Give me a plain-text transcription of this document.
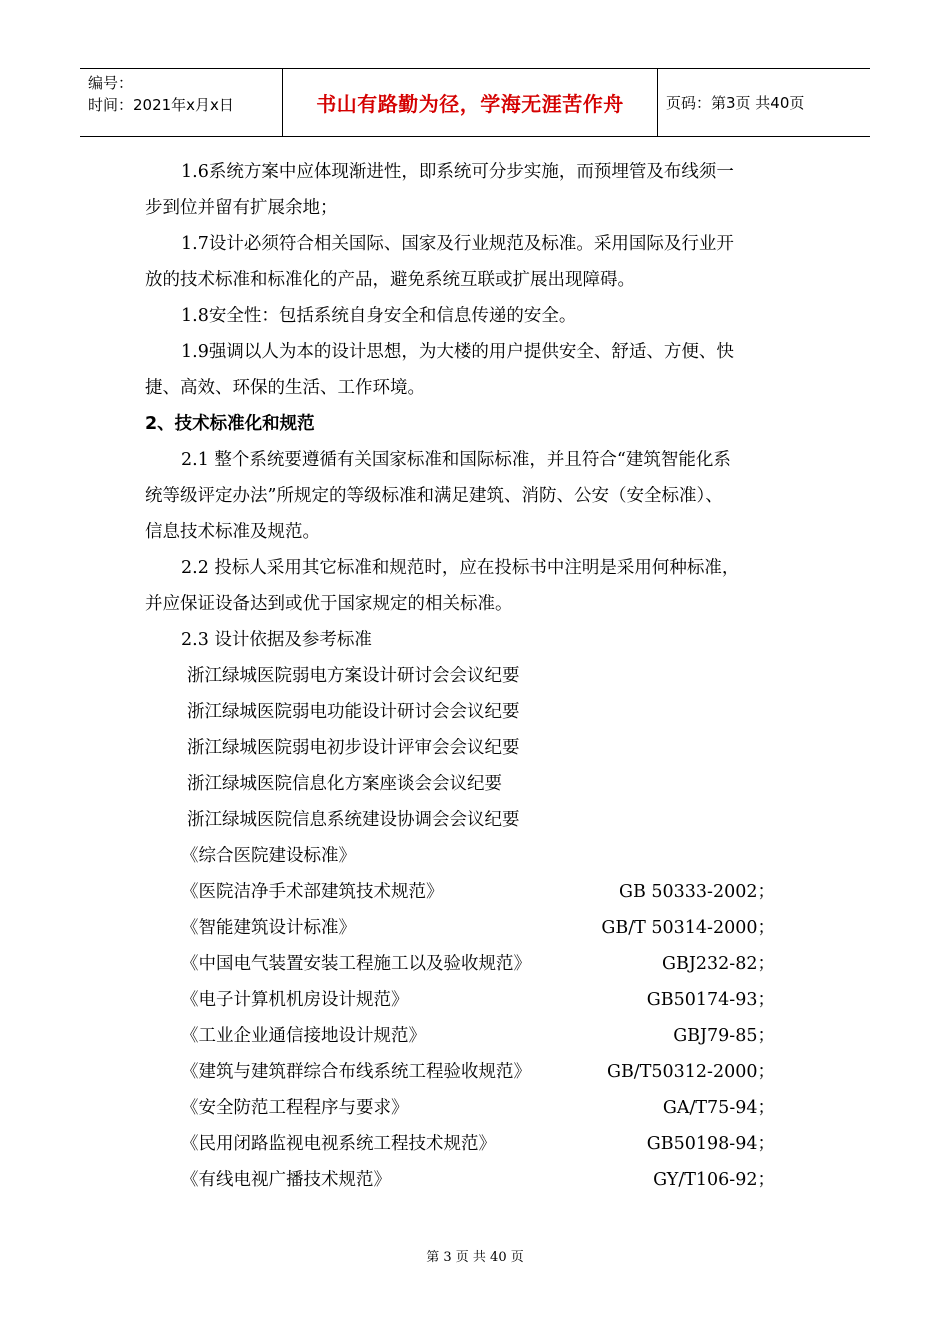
编号：
时间：2021年x月x日	书山有路勤为径，学海无涯苦作舟	页码：第3页 共40页
1.6系统方案中应体现渐进性，即系统可分步实施，而预埋管及布线须一
步到位并留有扩展余地；
1.7设计必须符合相关国际、国家及行业规范及标准。采用国际及行业开
放的技术标准和标准化的产品，避免系统互联或扩展出现障碍。
1.8安全性：包括系统自身安全和信息传递的安全。
1.9强调以人为本的设计思想，为大楼的用户提供安全、舒适、方便、快
捷、高效、环保的生活、工作环境。
2、技术标准化和规范
2.1 整个系统要遵循有关国家标准和国际标准，并且符合“建筑智能化系
统等级评定办法”所规定的等级标准和满足建筑、消防、公安（安全标准）、
信息技术标准及规范。
2.2 投标人采用其它标准和规范时，应在投标书中注明是采用何种标准，
并应保证设备达到或优于国家规定的相关标准。
2.3 设计依据及参考标准
浙江绿城医院弱电方案设计研讨会会议纪要
浙江绿城医院弱电功能设计研讨会会议纪要
浙江绿城医院弱电初步设计评审会会议纪要
浙江绿城医院信息化方案座谈会会议纪要
浙江绿城医院信息系统建设协调会会议纪要
《综合医院建设标准》
《医院洁净手术部建筑技术规范》	GB 50333-2002；
《智能建筑设计标准》	GB/T 50314-2000；
《中国电气装置安装工程施工以及验收规范》	GBJ232-82；
《电子计算机机房设计规范》	GB50174-93；
《工业企业通信接地设计规范》	GBJ79-85；
《建筑与建筑群综合布线系统工程验收规范》	GB/T50312-2000；
《安全防范工程程序与要求》	GA/T75-94；
《民用闭路监视电视系统工程技术规范》	GB50198-94；
《有线电视广播技术规范》	GY/T106-92；
第 3 页 共 40 页
